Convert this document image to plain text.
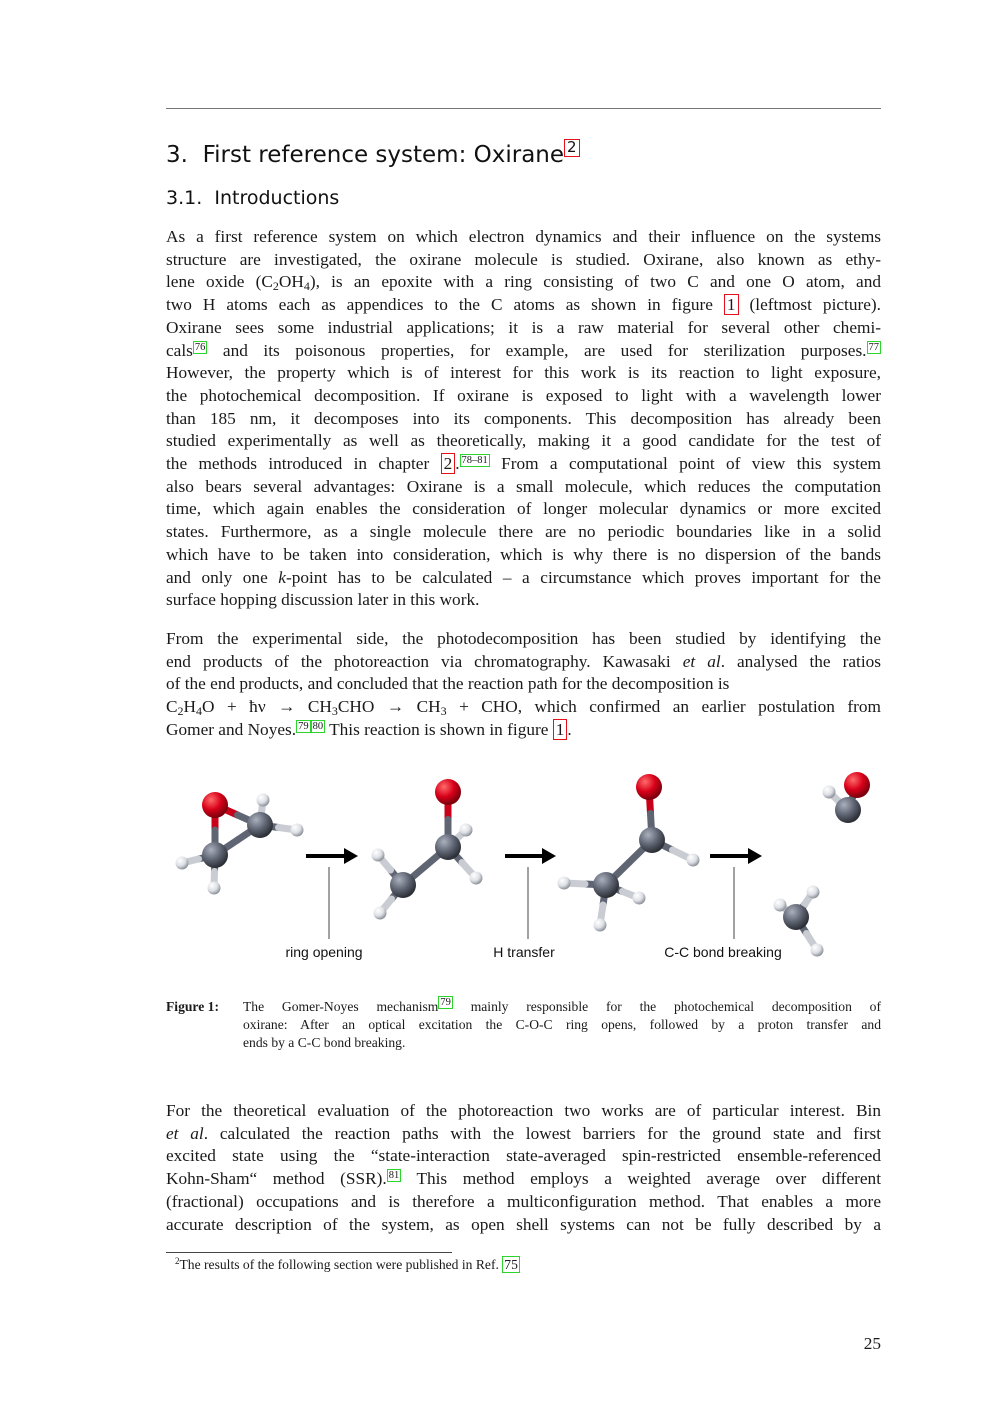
3. First reference system: Oxirane 2
3.1. Introductions

As a first reference system on which electron dynamics and their influence on the systems
structure are investigated, the oxirane molecule is studied. Oxirane, also known as ethy-
lene oxide $(C_2OH_4)$, is an epoxite with a ring consisting of two C and one O atom, and
two H atoms each as appendices to the C atoms as shown in figure 1 (leftmost picture).
Oxirane sees some industrial applications; it is a raw material for several other chemi-
cals $^{76}$ and its poisonous properties, for example, are used for sterilization purposes. $^{77}$
However, the property which is of interest for this work is its reaction to light exposure,
the photochemical decomposition. If oxirane is exposed to light with a wavelength lower
than 185 nm, it decomposes into its components. This decomposition has already been
studied experimentally as well as theoretically, making it a good candidate for the test of
the methods introduced in chapter 2 . $^{78-81}$ From a computational point of view this system
also bears several advantages: Oxirane is a small molecule, which reduces the computation
time, which again enables the consideration of longer molecular dynamics or more excited
states. Furthermore, as a single molecule there are no periodic boundaries like in a solid
which have to be taken into consideration, which is why there is no dispersion of the bands
and only one k-point has to be calculated – a circumstance which proves important for the
surface hopping discussion later in this work.

From the experimental side, the photodecomposition has been studied by identifying the
end products of the photoreaction via chromatography. Kawasaki et al. analysed the ratios
of the end products, and concluded that the reaction path for the decomposition is
$C_2H_4O$ + ħν → $CH_3CHO \to CH_3$ + CHO, which confirmed an earlier postulation from
Gomer and Noyes. $^{79 80}$ This reaction is shown in figure 1 .

ring opening	H transfer	C-C bond breaking
Figure 1: The Gomer-Noyes mechanism $^{79}$ mainly responsible for the photochemical decomposition of
oxirane: After an optical excitation the C-O-C ring opens, followed by a proton transfer and
ends by a C-C bond breaking.

For the theoretical evaluation of the photoreaction two works are of particular interest. Bin
et al. calculated the reaction paths with the lowest barriers for the ground state and first
excited state using the “state-interaction state-averaged spin-restricted ensemble-referenced
Kohn-Sham“ method (SSR). $^{81}$ This method employs a weighted average over different
(fractional) occupations and is therefore a multiconfiguration method. That enables a more
accurate description of the system, as open shell systems can not be fully described by a

$^2$The results of the following section were published in Ref. 75
25
